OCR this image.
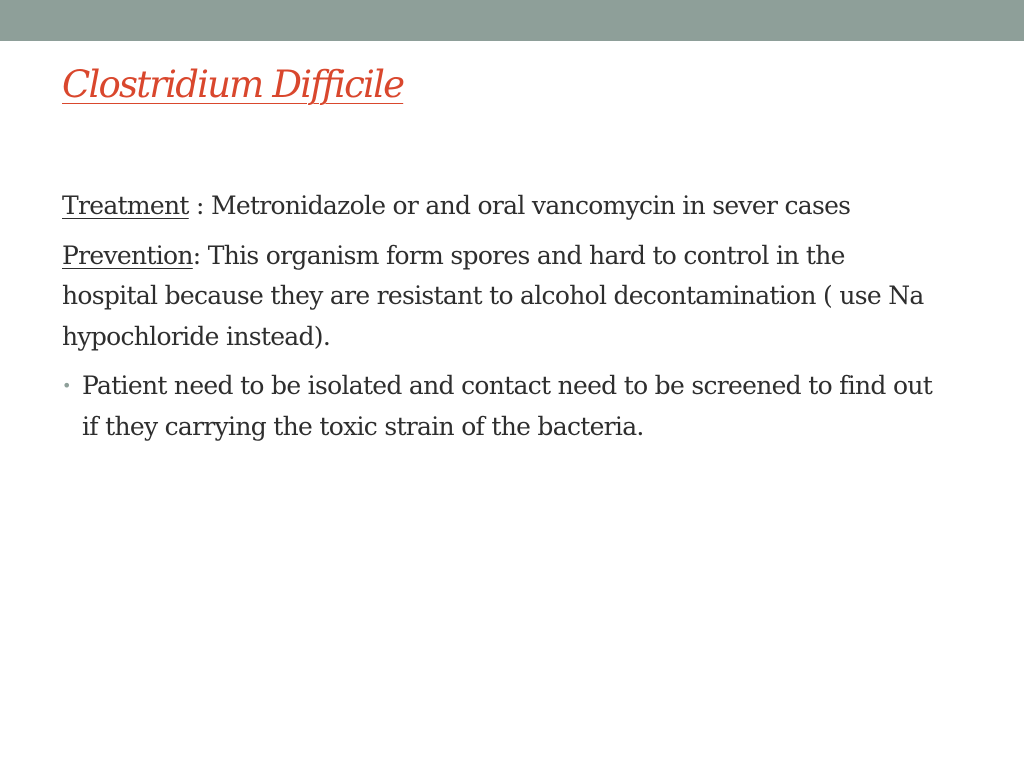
Clostridium Difficile

Treatment : Metronidazole or and oral vancomycin in sever cases

Prevention: This organism form spores and hard to control in the hospital because they are resistant to alcohol decontamination ( use Na hypochloride instead).

• Patient need to be isolated and contact need to be screened to find out if they carrying the toxic strain of the bacteria.
